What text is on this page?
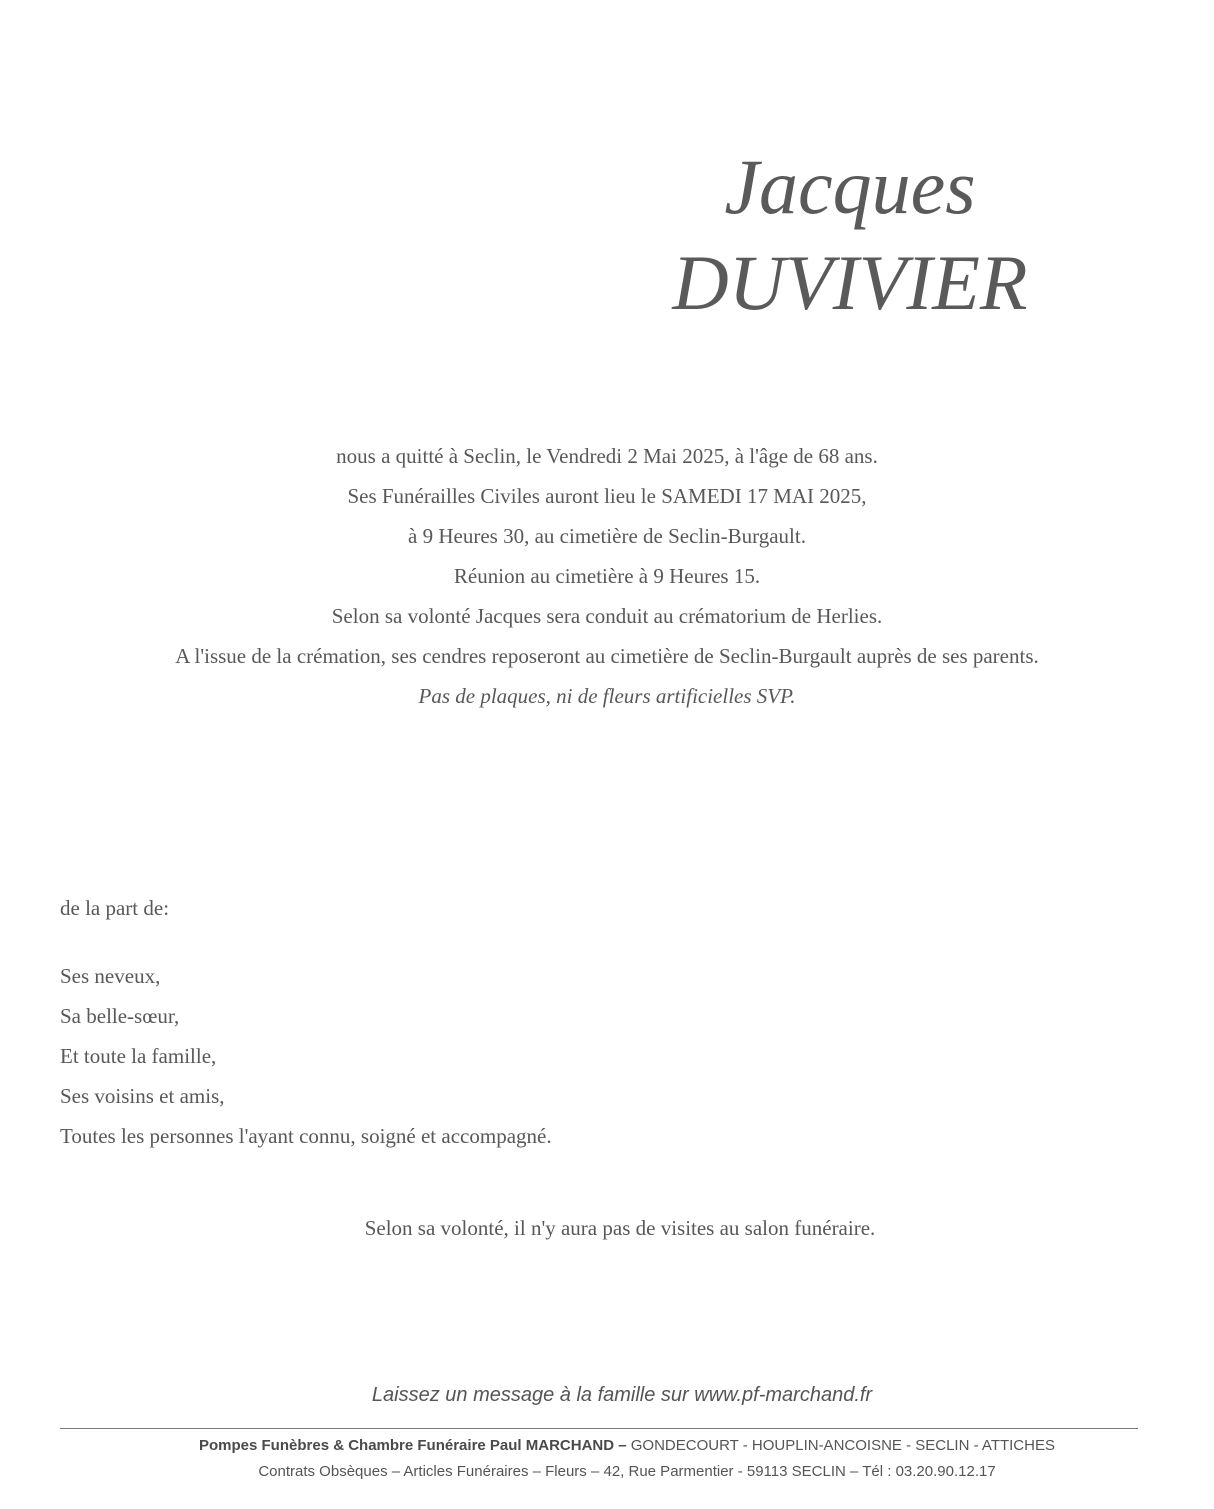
Jacques
DUVIVIER
nous a quitté à Seclin, le Vendredi 2 Mai 2025, à l'âge de 68 ans.
Ses Funérailles Civiles auront lieu le SAMEDI 17 MAI 2025,
à 9 Heures 30, au cimetière de Seclin-Burgault.
Réunion au cimetière à 9 Heures 15.
Selon sa volonté Jacques sera conduit au crématorium de Herlies.
A l'issue de la crémation, ses cendres reposeront au cimetière de Seclin-Burgault auprès de ses parents.
Pas de plaques, ni de fleurs artificielles SVP.
de la part de:
Ses neveux,
Sa belle-sœur,
Et toute la famille,
Ses voisins et amis,
Toutes les personnes l'ayant connu, soigné et accompagné.
Selon sa volonté, il n'y aura pas de visites au salon funéraire.
Laissez un message à la famille sur www.pf-marchand.fr
Pompes Funèbres & Chambre Funéraire Paul MARCHAND – GONDECOURT - HOUPLIN-ANCOISNE - SECLIN - ATTICHES
Contrats Obsèques – Articles Funéraires – Fleurs – 42, Rue Parmentier - 59113 SECLIN – Tél : 03.20.90.12.17
